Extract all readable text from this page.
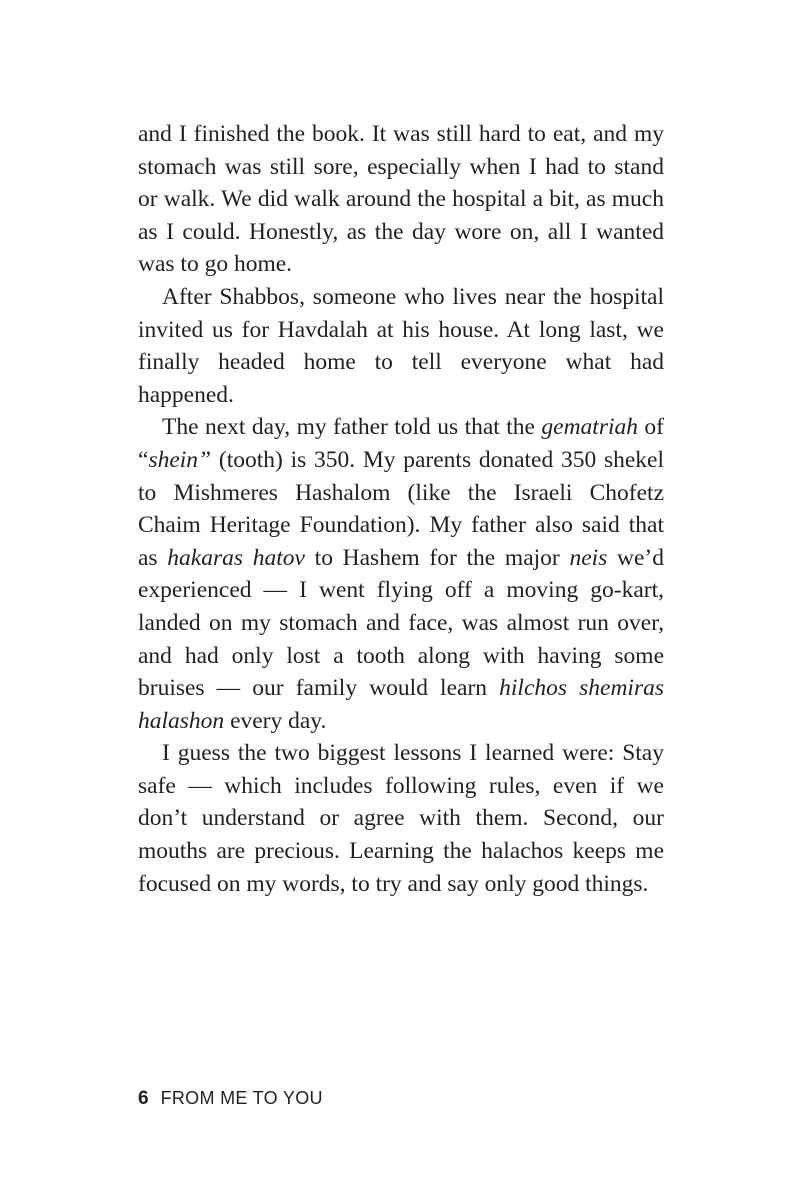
and I finished the book. It was still hard to eat, and my stomach was still sore, especially when I had to stand or walk. We did walk around the hospital a bit, as much as I could. Honestly, as the day wore on, all I wanted was to go home.

After Shabbos, someone who lives near the hospital invited us for Havdalah at his house. At long last, we finally headed home to tell everyone what had happened.

The next day, my father told us that the gematriah of “shein” (tooth) is 350. My parents donated 350 shekel to Mishmeres Hashalom (like the Israeli Chofetz Chaim Heritage Foundation). My father also said that as hakaras hatov to Hashem for the major neis we’d experienced — I went flying off a moving go-kart, landed on my stomach and face, was almost run over, and had only lost a tooth along with having some bruises — our family would learn hilchos shemiras halashon every day.

I guess the two biggest lessons I learned were: Stay safe — which includes following rules, even if we don’t understand or agree with them. Second, our mouths are precious. Learning the halachos keeps me focused on my words, to try and say only good things.

6 FROM ME TO YOU
